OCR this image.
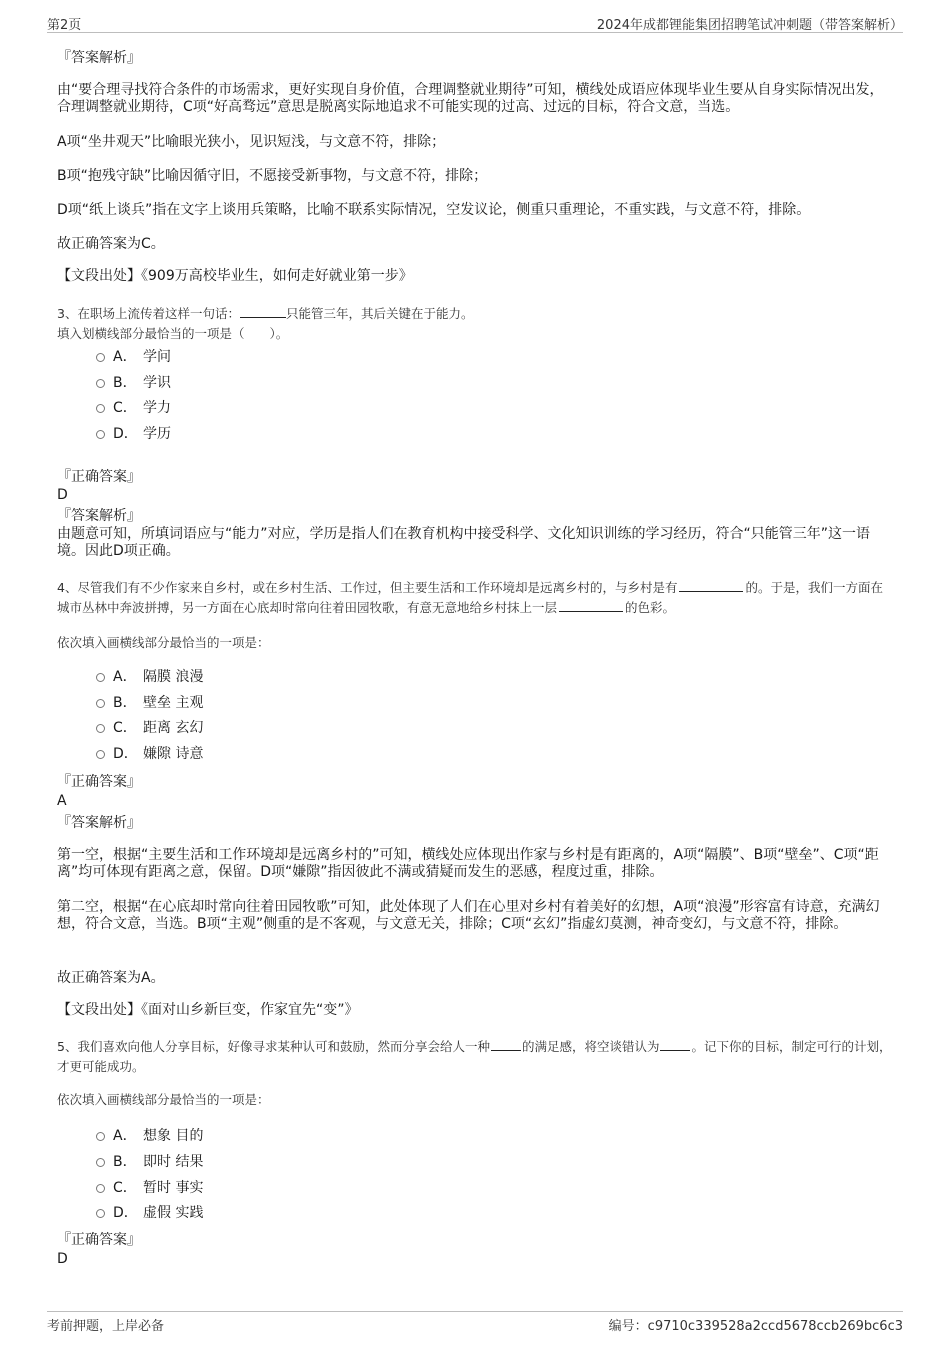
第2页	2024年成都锂能集团招聘笔试冲刺题（带答案解析）

『答案解析』

由“要合理寻找符合条件的市场需求，更好实现自身价值，合理调整就业期待”可知，横线处成语应体现毕业生要从自身实际情况出发，合理调整就业期待，C项“好高骛远”意思是脱离实际地追求不可能实现的过高、过远的目标，符合文意，当选。

A项“坐井观天”比喻眼光狭小，见识短浅，与文意不符，排除；

B项“抱残守缺”比喻因循守旧，不愿接受新事物，与文意不符，排除；

D项“纸上谈兵”指在文字上谈用兵策略，比喻不联系实际情况，空发议论，侧重只重理论，不重实践，与文意不符，排除。

故正确答案为C。

【文段出处】《909万高校毕业生，如何走好就业第一步》

3、在职场上流传着这样一句话：	只能管三年，其后关键在于能力。

填入划横线部分最恰当的一项是（　　）。

A． 学问
B． 学识
C． 学力
D． 学历

『正确答案』

D

『答案解析』

由题意可知，所填词语应与“能力”对应，学历是指人们在教育机构中接受科学、文化知识训练的学习经历，符合“只能管三年”这一语境。因此D项正确。

4、尽管我们有不少作家来自乡村，或在乡村生活、工作过，但主要生活和工作环境却是远离乡村的，与乡村是有	的。于是，我们一方面在城市丛林中奔波拼搏，另一方面在心底却时常向往着田园牧歌，有意无意地给乡村抹上一层	的色彩。

依次填入画横线部分最恰当的一项是：

A． 隔膜 浪漫
B． 壁垒 主观
C． 距离 玄幻
D． 嫌隙 诗意

『正确答案』

A

『答案解析』

第一空，根据“主要生活和工作环境却是远离乡村的”可知，横线处应体现出作家与乡村是有距离的，A项“隔膜”、B项“壁垒”、C项“距离”均可体现有距离之意，保留。D项“嫌隙”指因彼此不满或猜疑而发生的恶感，程度过重，排除。

第二空，根据“在心底却时常向往着田园牧歌”可知，此处体现了人们在心里对乡村有着美好的幻想，A项“浪漫”形容富有诗意，充满幻想，符合文意，当选。B项“主观”侧重的是不客观，与文意无关，排除；C项“玄幻”指虚幻莫测，神奇变幻，与文意不符，排除。

故正确答案为A。

【文段出处】《面对山乡新巨变，作家宜先“变”》

5、我们喜欢向他人分享目标，好像寻求某种认可和鼓励，然而分享会给人一种	的满足感，将空谈错认为	。记下你的目标，制定可行的计划，才更可能成功。

依次填入画横线部分最恰当的一项是：

A． 想象 目的
B． 即时 结果
C． 暂时 事实
D． 虚假 实践

『正确答案』

D

考前押题，上岸必备	编号：c9710c339528a2ccd5678ccb269bc6c3
